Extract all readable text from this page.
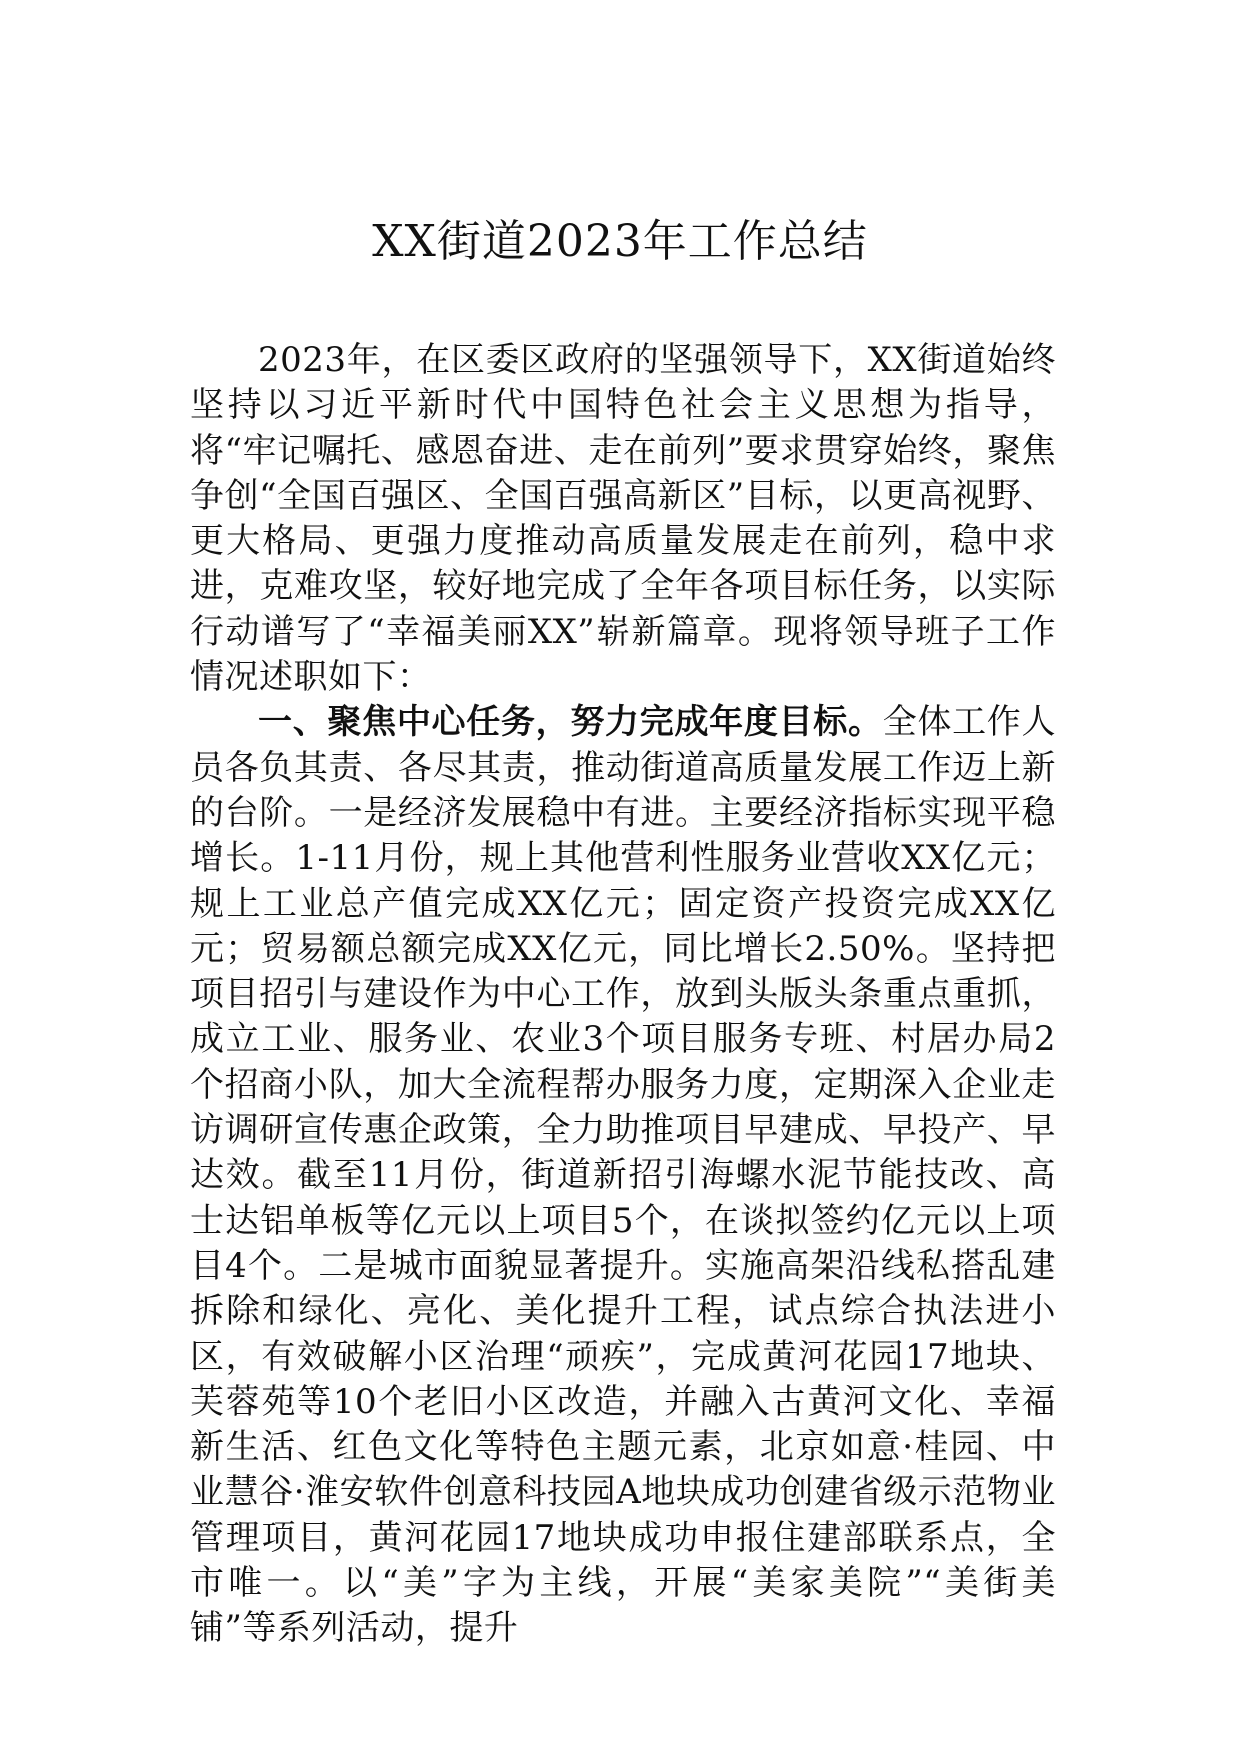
XX街道2023年工作总结

2023年，在区委区政府的坚强领导下，XX街道始终坚持以习近平新时代中国特色社会主义思想为指导，将“牢记嘱托、感恩奋进、走在前列”要求贯穿始终，聚焦争创“全国百强区、全国百强高新区”目标，以更高视野、更大格局、更强力度推动高质量发展走在前列，稳中求进，克难攻坚，较好地完成了全年各项目标任务，以实际行动谱写了“幸福美丽XX”崭新篇章。现将领导班子工作情况述职如下：

一、聚焦中心任务，努力完成年度目标。全体工作人员各负其责、各尽其责，推动街道高质量发展工作迈上新的台阶。一是经济发展稳中有进。主要经济指标实现平稳增长。1-11月份，规上其他营利性服务业营收XX亿元；规上工业总产值完成XX亿元；固定资产投资完成XX亿元；贸易额总额完成XX亿元，同比增长2.50%。坚持把项目招引与建设作为中心工作，放到头版头条重点重抓，成立工业、服务业、农业3个项目服务专班、村居办局2个招商小队，加大全流程帮办服务力度，定期深入企业走访调研宣传惠企政策，全力助推项目早建成、早投产、早达效。截至11月份，街道新招引海螺水泥节能技改、高士达铝单板等亿元以上项目5个，在谈拟签约亿元以上项目4个。二是城市面貌显著提升。实施高架沿线私搭乱建拆除和绿化、亮化、美化提升工程，试点综合执法进小区，有效破解小区治理“顽疾”，完成黄河花园17地块、芙蓉苑等10个老旧小区改造，并融入古黄河文化、幸福新生活、红色文化等特色主题元素，北京如意·桂园、中业慧谷·淮安软件创意科技园A地块成功创建省级示范物业管理项目，黄河花园17地块成功申报住建部联系点，全市唯一。以“美”字为主线，开展“美家美院”“美街美铺”等系列活动，提升
